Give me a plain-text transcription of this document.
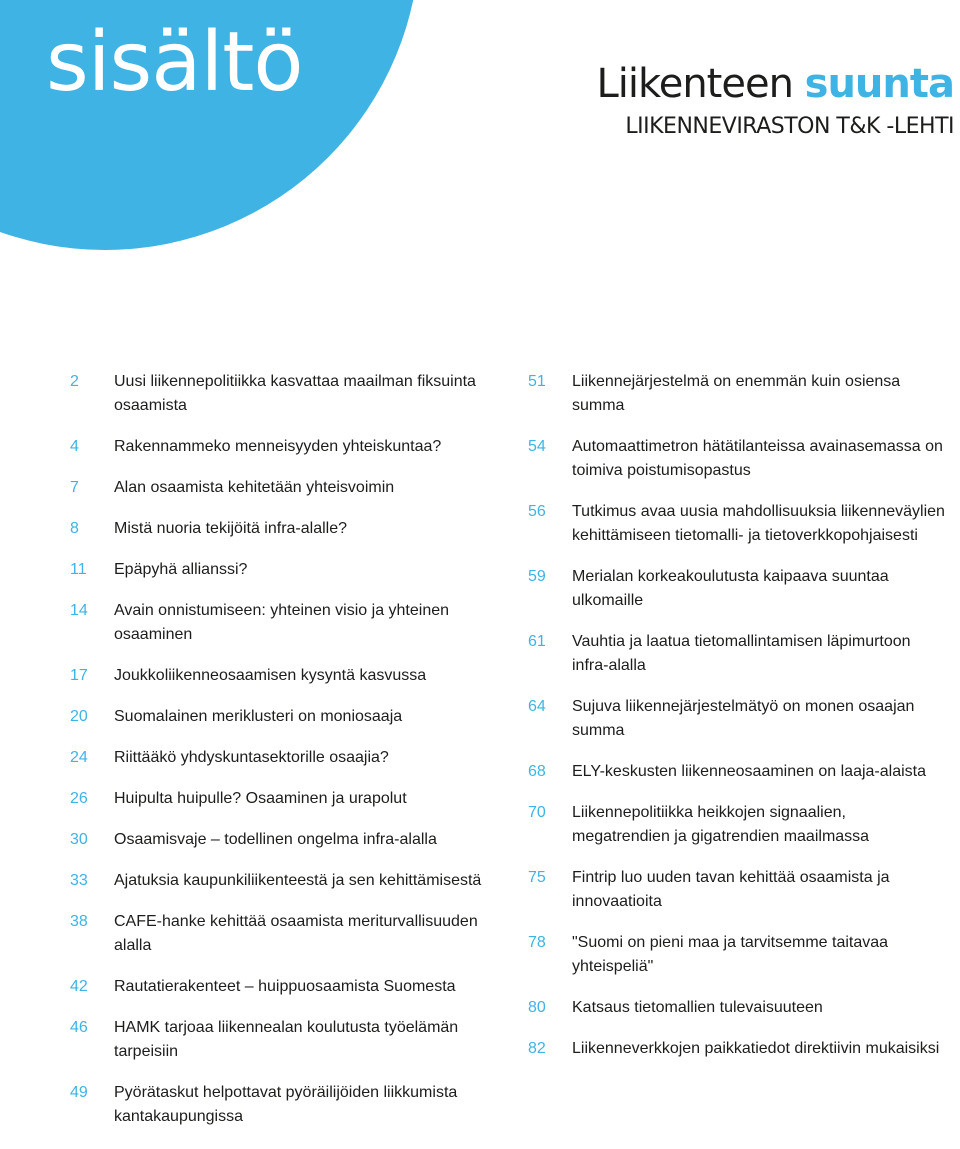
sisältö	Liikenteen suunta
LIIKENNEVIRASTON T&K -LEHTI
2	Uusi liikennepolitiikka kasvattaa maailman fiksuinta osaamista
4	Rakennammeko menneisyyden yhteiskuntaa?
7	Alan osaamista kehitetään yhteisvoimin
8	Mistä nuoria tekijöitä infra-alalle?
11	Epäpyhä allianssi?
14	Avain onnistumiseen: yhteinen visio ja yhteinen osaaminen
17	Joukkoliikenneosaamisen kysyntä kasvussa
20	Suomalainen meriklusteri on moniosaaja
24	Riittääkö yhdyskuntasektorille osaajia?
26	Huipulta huipulle? Osaaminen ja urapolut
30	Osaamisvaje – todellinen ongelma infra-alalla
33	Ajatuksia kaupunkiliikenteestä ja sen kehittämisestä
38	CAFE-hanke kehittää osaamista meriturvallisuuden alalla
42	Rautatierakenteet – huippuosaamista Suomesta
46	HAMK tarjoaa liikennealan koulutusta työelämän tarpeisiin
49	Pyörätaskut helpottavat pyöräilijöiden liikkumista kantakaupungissa
51	Liikennejärjestelmä on enemmän kuin osiensa summa
54	Automaattimetron hätätilanteissa avainasemassa on toimiva poistumisopastus
56	Tutkimus avaa uusia mahdollisuuksia liikenneväylien kehittämiseen tietomalli- ja tietoverkkopohjaisesti
59	Merialan korkeakoulutusta kaipaava suuntaa ulkomaille
61	Vauhtia ja laatua tietomallintamisen läpimurtoon infra-alalla
64	Sujuva liikennejärjestelmätyö on monen osaajan summa
68	ELY-keskusten liikenneosaaminen on laaja-alaista
70	Liikennepolitiikka heikkojen signaalien, megatrendien ja gigatrendien maailmassa
75	Fintrip luo uuden tavan kehittää osaamista ja innovaatioita
78	"Suomi on pieni maa ja tarvitsemme taitavaa yhteispeliä"
80	Katsaus tietomallien tulevaisuuteen
82	Liikenneverkkojen paikkatiedot direktiivin mukaisiksi
